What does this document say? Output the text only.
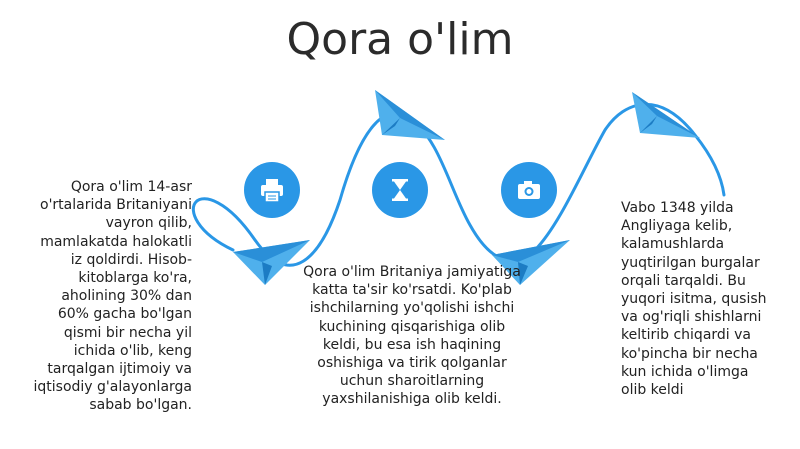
Qora o'lim
Qora o'lim 14-asr o'rtalarida Britaniyani vayron qilib, mamlakatda halokatli iz qoldirdi. Hisob-kitoblarga ko'ra, aholining 30% dan 60% gacha bo'lgan qismi bir necha yil ichida o'lib, keng tarqalgan ijtimoiy va iqtisodiy g'alayonlarga sabab bo'lgan.
Qora o'lim Britaniya jamiyatiga katta ta'sir ko'rsatdi. Ko'plab ishchilarning yo'qolishi ishchi kuchining qisqarishiga olib keldi, bu esa ish haqining oshishiga va tirik qolganlar uchun sharoitlarning yaxshilanishiga olib keldi.
Vabo 1348 yilda Angliyaga kelib, kalamushlarda yuqtirilgan burgalar orqali tarqaldi. Bu yuqori isitma, qusish va og'riqli shishlarni keltirib chiqardi va ko'pincha bir necha kun ichida o'limga olib keldi
